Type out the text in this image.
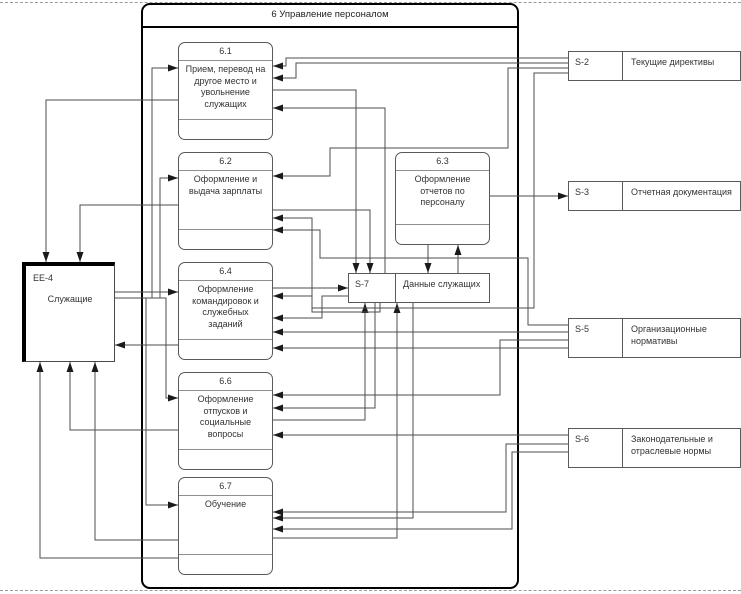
6 Управление персоналом
6.1
Прием, перевод на другое место и увольнение служащих
6.2
Оформление и выдача зарплаты
6.3
Оформление отчетов по персоналу
6.4
Оформление командировок и служебных заданий
6.6
Оформление отпусков и социальные вопросы
6.7
Обучение
EE-4
Служащие
S-2	Текущие директивы
S-3	Отчетная документация
S-5	Организационные нормативы
S-6	Законодательные и отраслевые нормы
S-7	Данные служащих
